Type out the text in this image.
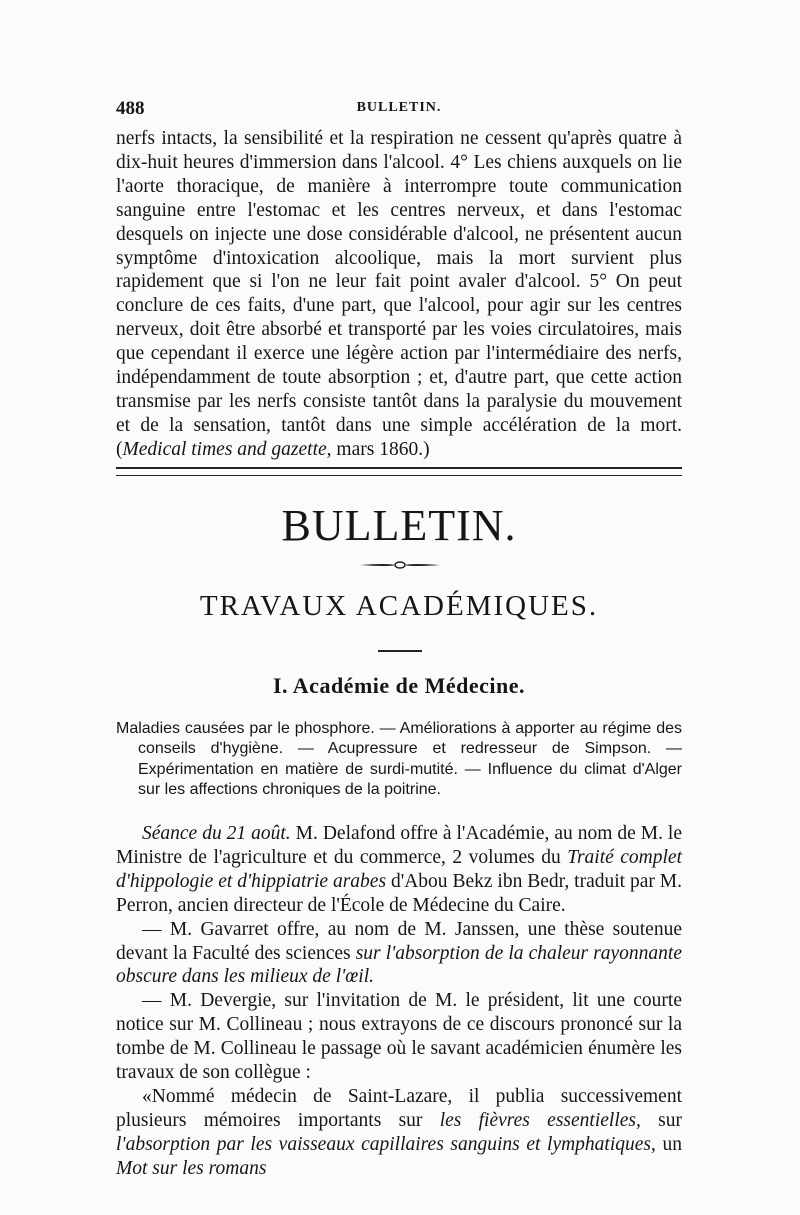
488	BULLETIN.

nerfs intacts, la sensibilité et la respiration ne cessent qu'après quatre à dix-huit heures d'immersion dans l'alcool. 4° Les chiens auxquels on lie l'aorte thoracique, de manière à interrompre toute communication sanguine entre l'estomac et les centres nerveux, et dans l'estomac desquels on injecte une dose considérable d'alcool, ne présentent aucun symptôme d'intoxication alcoolique, mais la mort survient plus rapidement que si l'on ne leur fait point avaler d'alcool. 5° On peut conclure de ces faits, d'une part, que l'alcool, pour agir sur les centres nerveux, doit être absorbé et transporté par les voies circulatoires, mais que cependant il exerce une légère action par l'intermédiaire des nerfs, indépendamment de toute absorption ; et, d'autre part, que cette action transmise par les nerfs consiste tantôt dans la paralysie du mouvement et de la sensation, tantôt dans une simple accélération de la mort. (Medical times and gazette, mars 1860.)

BULLETIN.
TRAVAUX ACADÉMIQUES.
I. Académie de Médecine.

Maladies causées par le phosphore. — Améliorations à apporter au régime des conseils d'hygiène. — Acupressure et redresseur de Simpson. — Expérimentation en matière de surdi-mutité. — Influence du climat d'Alger sur les affections chroniques de la poitrine.

Séance du 21 août. M. Delafond offre à l'Académie, au nom de M. le Ministre de l'agriculture et du commerce, 2 volumes du Traité complet d'hippologie et d'hippiatrie arabes d'Abou Bekz ibn Bedr, traduit par M. Perron, ancien directeur de l'École de Médecine du Caire.

— M. Gavarret offre, au nom de M. Janssen, une thèse soutenue devant la Faculté des sciences sur l'absorption de la chaleur rayonnante obscure dans les milieux de l'œil.

— M. Devergie, sur l'invitation de M. le président, lit une courte notice sur M. Collineau ; nous extrayons de ce discours prononcé sur la tombe de M. Collineau le passage où le savant académicien énumère les travaux de son collègue :

«Nommé médecin de Saint-Lazare, il publia successivement plusieurs mémoires importants sur les fièvres essentielles, sur l'absorption par les vaisseaux capillaires sanguins et lymphatiques, un Mot sur les romans
